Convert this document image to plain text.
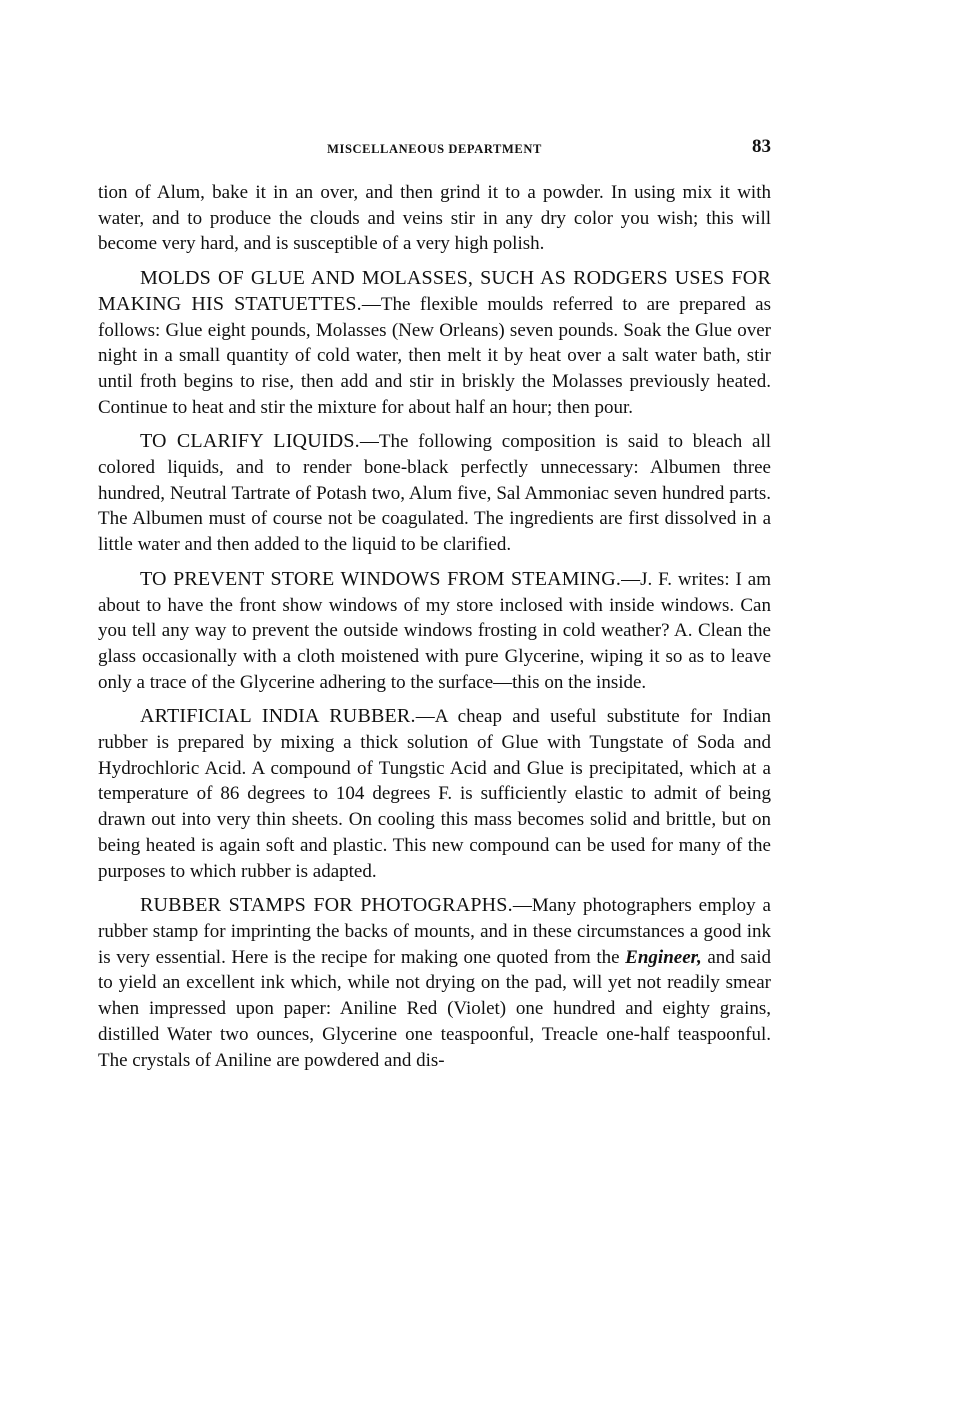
MISCELLANEOUS DEPARTMENT	83

tion of Alum, bake it in an over, and then grind it to a powder. In using mix it with water, and to produce the clouds and veins stir in any dry color you wish; this will become very hard, and is susceptible of a very high polish.

MOLDS OF GLUE AND MOLASSES, SUCH AS RODGERS USES FOR MAKING HIS STATUETTES.—The flexible moulds referred to are prepared as follows: Glue eight pounds, Molasses (New Orleans) seven pounds. Soak the Glue over night in a small quantity of cold water, then melt it by heat over a salt water bath, stir until froth begins to rise, then add and stir in briskly the Molasses previously heated. Continue to heat and stir the mixture for about half an hour; then pour.

TO CLARIFY LIQUIDS.—The following composition is said to bleach all colored liquids, and to render bone-black perfectly unnecessary: Albumen three hundred, Neutral Tartrate of Potash two, Alum five, Sal Ammoniac seven hundred parts. The Albumen must of course not be coagulated. The ingredients are first dissolved in a little water and then added to the liquid to be clarified.

TO PREVENT STORE WINDOWS FROM STEAMING.—J. F. writes: I am about to have the front show windows of my store inclosed with inside windows. Can you tell any way to prevent the outside windows frosting in cold weather? A. Clean the glass occasionally with a cloth moistened with pure Glycerine, wiping it so as to leave only a trace of the Glycerine adhering to the surface—this on the inside.

ARTIFICIAL INDIA RUBBER.—A cheap and useful substitute for Indian rubber is prepared by mixing a thick solution of Glue with Tungstate of Soda and Hydrochloric Acid. A compound of Tungstic Acid and Glue is precipitated, which at a temperature of 86 degrees to 104 degrees F. is sufficiently elastic to admit of being drawn out into very thin sheets. On cooling this mass becomes solid and brittle, but on being heated is again soft and plastic. This new compound can be used for many of the purposes to which rubber is adapted.

RUBBER STAMPS FOR PHOTOGRAPHS.—Many photographers employ a rubber stamp for imprinting the backs of mounts, and in these circumstances a good ink is very essential. Here is the recipe for making one quoted from the Engineer, and said to yield an excellent ink which, while not drying on the pad, will yet not readily smear when impressed upon paper: Aniline Red (Violet) one hundred and eighty grains, distilled Water two ounces, Glycerine one teaspoonful, Treacle one-half teaspoonful. The crystals of Aniline are powdered and dis-
